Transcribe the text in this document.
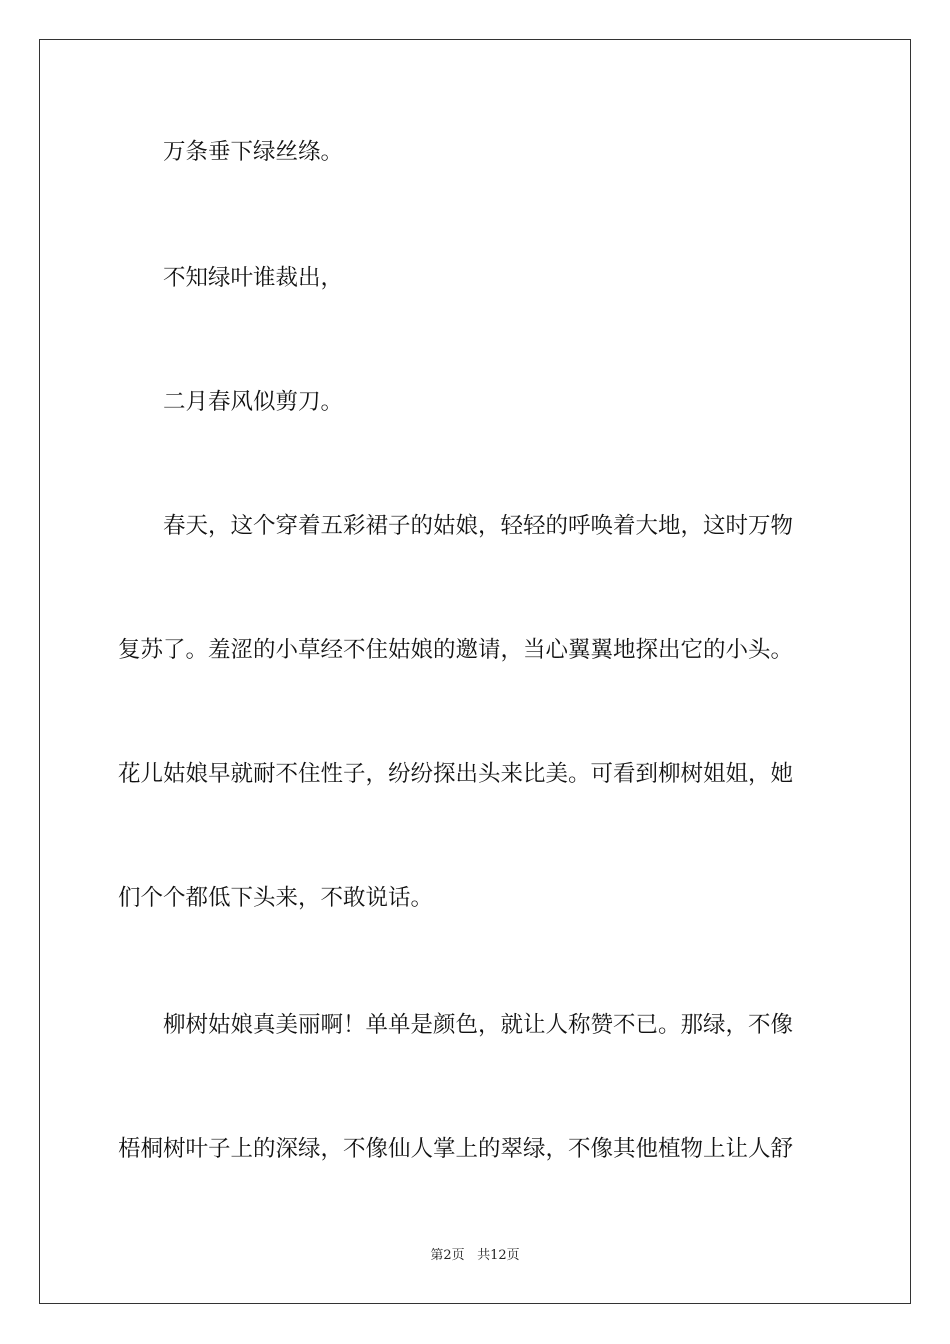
万条垂下绿丝绦。

不知绿叶谁裁出，

二月春风似剪刀。

春天，这个穿着五彩裙子的姑娘，轻轻的呼唤着大地，这时万物

复苏了。羞涩的小草经不住姑娘的邀请，当心翼翼地探出它的小头。

花儿姑娘早就耐不住性子，纷纷探出头来比美。可看到柳树姐姐，她

们个个都低下头来，不敢说话。

柳树姑娘真美丽啊！单单是颜色，就让人称赞不已。那绿，不像

梧桐树叶子上的深绿，不像仙人掌上的翠绿，不像其他植物上让人舒

第2页 共12页
